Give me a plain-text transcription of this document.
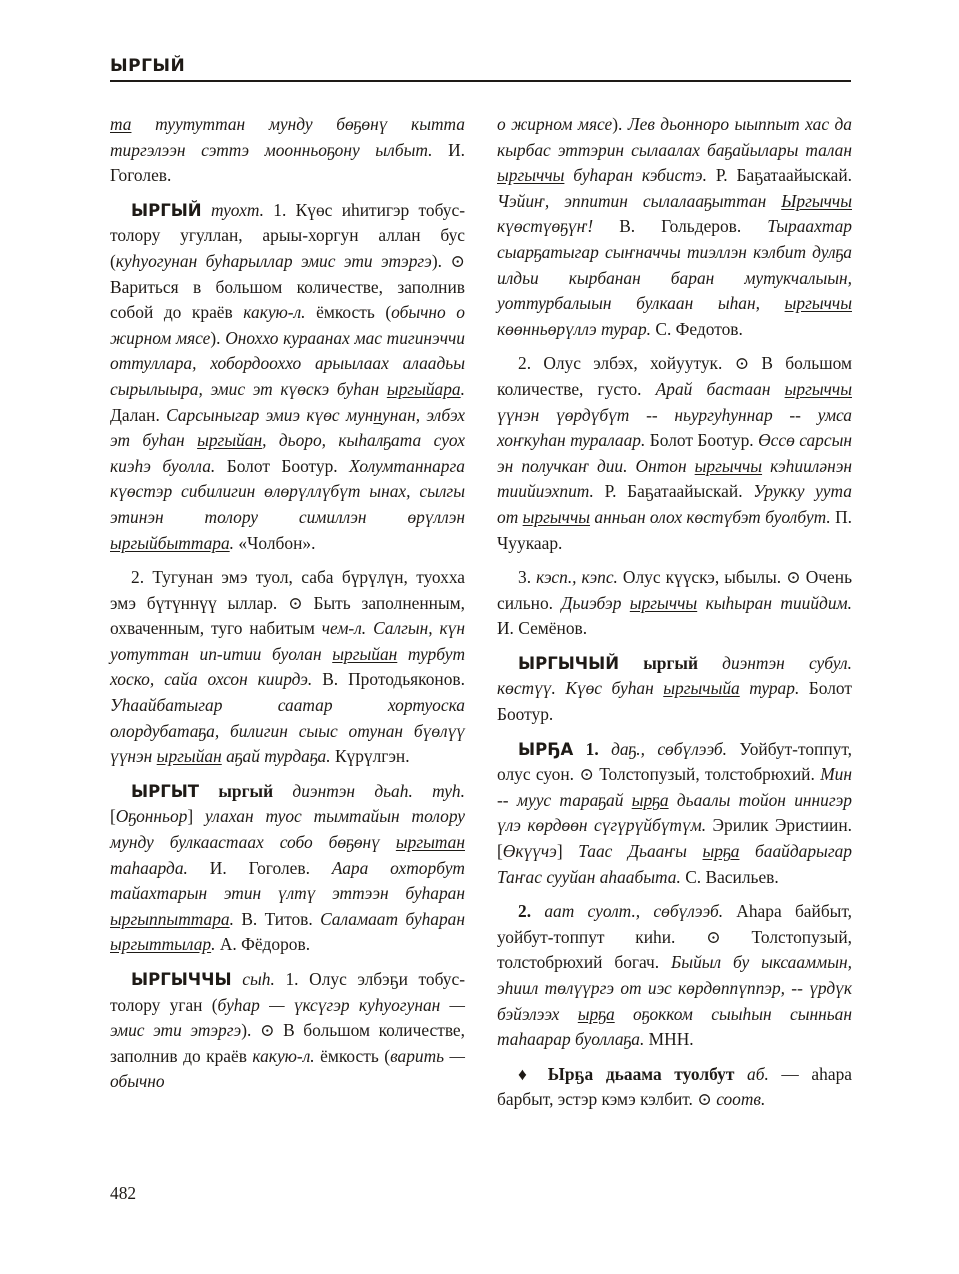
ЫРГЫЙ

та туутуттан мунду бөҕөнү кытта тиргэлээн сэттэ моонньоҕону ылбыт. И. Гоголев.

ЫРГЫЙ туохт. 1. Күөс иһитигэр тобус-толору угуллан, арыы-хоргун аллан бус (куһуогунан буһарыллар эмис эти этэргэ). ⊙ Вариться в большом количестве, заполнив собой до краёв какую-л. ёмкость (обычно о жирном мясе). Оноххо кураанах мас тигинэччи оттуллара, хобордооххо арыылаах алаадьы сырылыыра, эмис эт күөскэ буһан ыргыйара. Далан. Сарсыныгар эмиэ күөс муннунан, элбэх эт буһан ыргыйан, дьоро, кыһалҕата суох киэһэ буолла. Болот Боотур. Холумтаннарга күөстэр сибилигин өлөрүллүбүт ынах, сылгы этинэн толору симиллэн өрүллэн ыргыйбыттара. «Чолбон».

2. Тугунан эмэ туол, саба бүрүлүн, туохха эмэ бүтүннүү ыллар. ⊙ Быть заполненным, охваченным, туго набитым чем-л. Салгын, күн уотуттан ип-итии буолан ыргыйан турбут хоско, сайа охсон киирдэ. В. Протодьяконов. Уһаайбатыгар саатар хортуоска олордубатаҕа, билигин сыыс отунан бүөлүү үүнэн ыргыйан аҕай турдаҕа. Күрүлгэн.

ЫРГЫТ ыргый диэнтэн дьаһ. туһ. [Оҕонньор] улахан туос тымтайын толору мунду булкаастаах собо бөҕөнү ыргытан таһаарда. И. Гоголев. Аара охторбут тайахтарын этин үлтү эттээн буһаран ыргыппыттара. В. Титов. Саламаат буһаран ыргыттылар. А. Фёдоров.

ЫРГЫЧЧЫ сыһ. 1. Олус элбэҕи тобус-толору уган (буһар — үксүгэр куһуогунан — эмис эти этэргэ). ⊙ В большом количестве, заполнив до краёв какую-л. ёмкость (варить — обычно

о жирном мясе). Лев дьонноро ыыппыт хас да кырбас эттэрин сылаалах баҕайылары талан ыргыччы буһаран кэбистэ. Р. Баҕатаайыскай. Чэйиҥ, эппитин сылалааҕыттан Ыргыччы күөстүөҕүҥ! В. Гольдеров. Тыраахтар сыарҕатыгар сыҥначчы тиэллэн кэлбит дулҕа илдьи кырбанан баран мутукчалыын, уоттурбалыын булкаан ыһан, ыргыччы көөнньөрүллэ турар. С. Федотов.

2. Олус элбэх, хойуутук. ⊙ В большом количестве, густо. Арай бастаан ыргыччы үүнэн үөрдүбүт -- ньургуһуннар -- умса хоҥкуһан туралаар. Болот Боотур. Өссө сарсын эн получкаҥ дии. Онтон ыргыччы кэһииләнэн тиийиэхпит. Р. Баҕатаайыскай. Урукку уута от ыргыччы анньан олох көстүбэт буолбут. П. Чуукаар.

3. кэсп., кэпс. Олус күүскэ, ыбылы. ⊙ Очень сильно. Дьиэбэр ыргыччы кыһыран тиийдим. И. Семёнов.

ЫРГЫЧЫЙ ыргый диэнтэн субул. көстүү. Күөс буһан ыргычыйа турар. Болот Боотур.

ЫРҔА 1. даҕ., сөбүлээб. Уойбут-топпут, олус суон. ⊙ Толстопузый, толстобрюхий. Мин -- муус тараҕай ырҕа дьаалы тойон иннигэр үлэ көрдөөн сүгүрүйбүтүм. Эрилик Эристиин. [Өкүүчэ] Таас Дьааҥы ырҕа баайдарыгар Таҥас сууйан аһаабыта. С. Васильев.

2. аат суолт., сөбүлээб. Аһара байбыт, уойбут-топпут киһи. ⊙ Толстопузый, толстобрюхий богач. Быйыл бу ыксааммын, эһиил төлүүргэ от иэс көрдөппүппэр, -- үрдүк бэйэлээх ырҕа оҕокком сыыһын сынньан таһаарар буоллаҕа. МНН.

♦ Ырҕа дьаама туолбут аб. — аһара барбыт, эстэр кэмэ кэлбит. ⊙ соотв.

482
